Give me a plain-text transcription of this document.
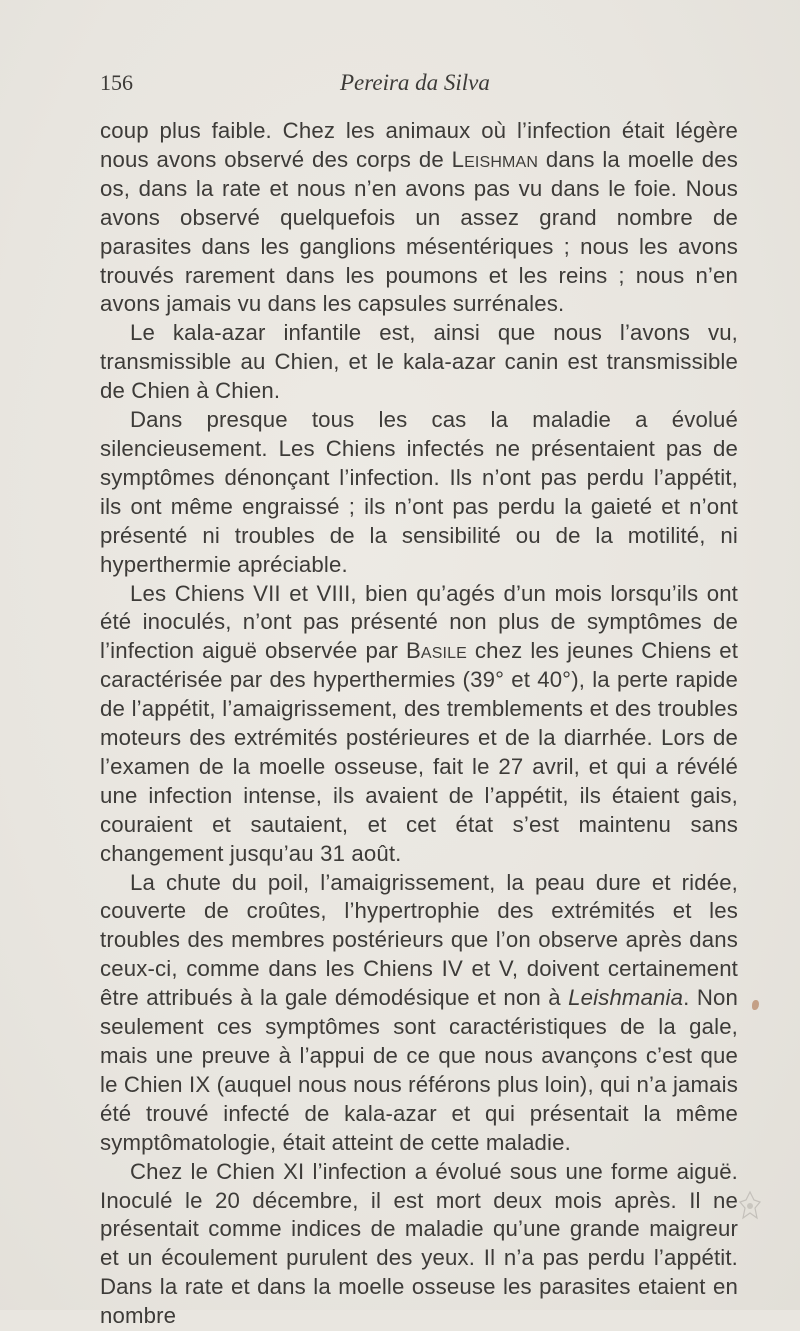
156	Pereira da Silva

coup plus faible. Chez les animaux où l’infection était légère nous avons observé des corps de Leishman dans la moelle des os, dans la rate et nous n’en avons pas vu dans le foie. Nous avons observé quelquefois un assez grand nombre de parasites dans les ganglions mésentériques ; nous les avons trouvés rarement dans les poumons et les reins ; nous n’en avons jamais vu dans les capsules surrénales.

Le kala-azar infantile est, ainsi que nous l’avons vu, transmissible au Chien, et le kala-azar canin est transmissible de Chien à Chien.

Dans presque tous les cas la maladie a évolué silencieusement. Les Chiens infectés ne présentaient pas de symptômes dénonçant l’infection. Ils n’ont pas perdu l’appétit, ils ont même engraissé ; ils n’ont pas perdu la gaieté et n’ont présenté ni troubles de la sensibilité ou de la motilité, ni hyperthermie apréciable.

Les Chiens VII et VIII, bien qu’agés d’un mois lorsqu’ils ont été inoculés, n’ont pas présenté non plus de symptômes de l’infection aiguë observée par Basile chez les jeunes Chiens et caractérisée par des hyperthermies (39° et 40°), la perte rapide de l’appétit, l’amaigrissement, des tremblements et des troubles moteurs des extrémités postérieures et de la diarrhée. Lors de l’examen de la moelle osseuse, fait le 27 avril, et qui a révélé une infection intense, ils avaient de l’appétit, ils étaient gais, couraient et sautaient, et cet état s’est maintenu sans changement jusqu’au 31 août.

La chute du poil, l’amaigrissement, la peau dure et ridée, couverte de croûtes, l’hypertrophie des extrémités et les troubles des membres postérieurs que l’on observe après dans ceux-ci, comme dans les Chiens IV et V, doivent certainement être attribués à la gale démodésique et non à Leishmania. Non seulement ces symptômes sont caractéristiques de la gale, mais une preuve à l’appui de ce que nous avançons c’est que le Chien IX (auquel nous nous référons plus loin), qui n’a jamais été trouvé infecté de kala-azar et qui présentait la même symptômatologie, était atteint de cette maladie.

Chez le Chien XI l’infection a évolué sous une forme aiguë. Inoculé le 20 décembre, il est mort deux mois après. Il ne présentait comme indices de maladie qu’une grande maigreur et un écoulement purulent des yeux. Il n’a pas perdu l’appétit. Dans la rate et dans la moelle osseuse les parasites etaient en nombre
